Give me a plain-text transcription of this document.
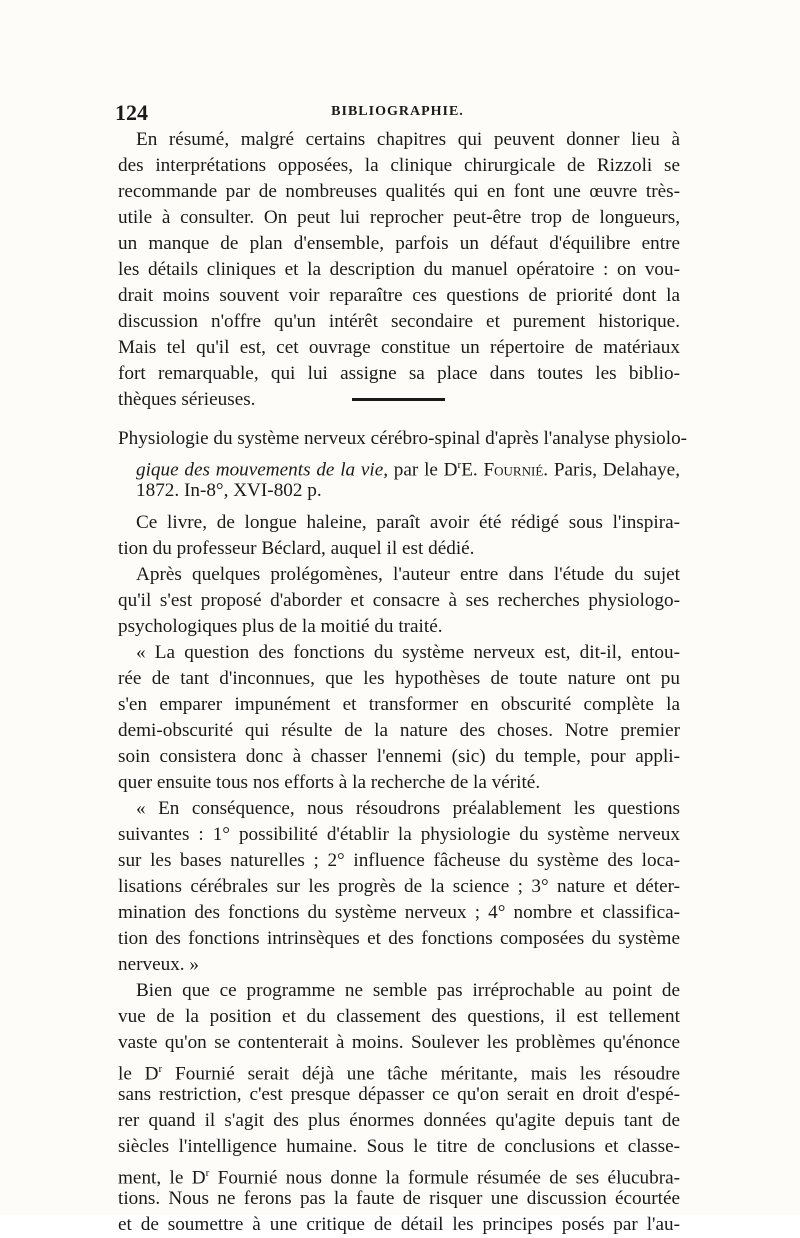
124	BIBLIOGRAPHIE.
En résumé, malgré certains chapitres qui peuvent donner lieu à
des interprétations opposées, la clinique chirurgicale de Rizzoli se
recommande par de nombreuses qualités qui en font une œuvre très-
utile à consulter. On peut lui reprocher peut-être trop de longueurs,
un manque de plan d'ensemble, parfois un défaut d'équilibre entre
les détails cliniques et la description du manuel opératoire : on vou-
drait moins souvent voir reparaître ces questions de priorité dont la
discussion n'offre qu'un intérêt secondaire et purement historique.
Mais tel qu'il est, cet ouvrage constitue un répertoire de matériaux
fort remarquable, qui lui assigne sa place dans toutes les biblio-
thèques sérieuses.
Physiologie du système nerveux cérébro-spinal d'après l'analyse physiolo-
gique des mouvements de la vie, par le $D^rE$. Fournié. Paris, Delahaye,
1872. In-8°, XVI-802 p.
Ce livre, de longue haleine, paraît avoir été rédigé sous l'inspira-
tion du professeur Béclard, auquel il est dédié.
Après quelques prolégomènes, l'auteur entre dans l'étude du sujet
qu'il s'est proposé d'aborder et consacre à ses recherches physiologo-
psychologiques plus de la moitié du traité.
« La question des fonctions du système nerveux est, dit-il, entou-
rée de tant d'inconnues, que les hypothèses de toute nature ont pu
s'en emparer impunément et transformer en obscurité complète la
demi-obscurité qui résulte de la nature des choses. Notre premier
soin consistera donc à chasser l'ennemi (sic) du temple, pour appli-
quer ensuite tous nos efforts à la recherche de la vérité.
« En conséquence, nous résoudrons préalablement les questions
suivantes : 1° possibilité d'établir la physiologie du système nerveux
sur les bases naturelles ; 2° influence fâcheuse du système des loca-
lisations cérébrales sur les progrès de la science ; 3° nature et déter-
mination des fonctions du système nerveux ; 4° nombre et classifica-
tion des fonctions intrinsèques et des fonctions composées du système
nerveux. »
Bien que ce programme ne semble pas irréprochable au point de
vue de la position et du classement des questions, il est tellement
vaste qu'on se contenterait à moins. Soulever les problèmes qu'énonce
le $D^r$ Fournié serait déjà une tâche méritante, mais les résoudre
sans restriction, c'est presque dépasser ce qu'on serait en droit d'espé-
rer quand il s'agit des plus énormes données qu'agite depuis tant de
siècles l'intelligence humaine. Sous le titre de conclusions et classe-
ment, le $D^r$ Fournié nous donne la formule résumée de ses élucubra-
tions. Nous ne ferons pas la faute de risquer une discussion écourtée
et de soumettre à une critique de détail les principes posés par l'au-
